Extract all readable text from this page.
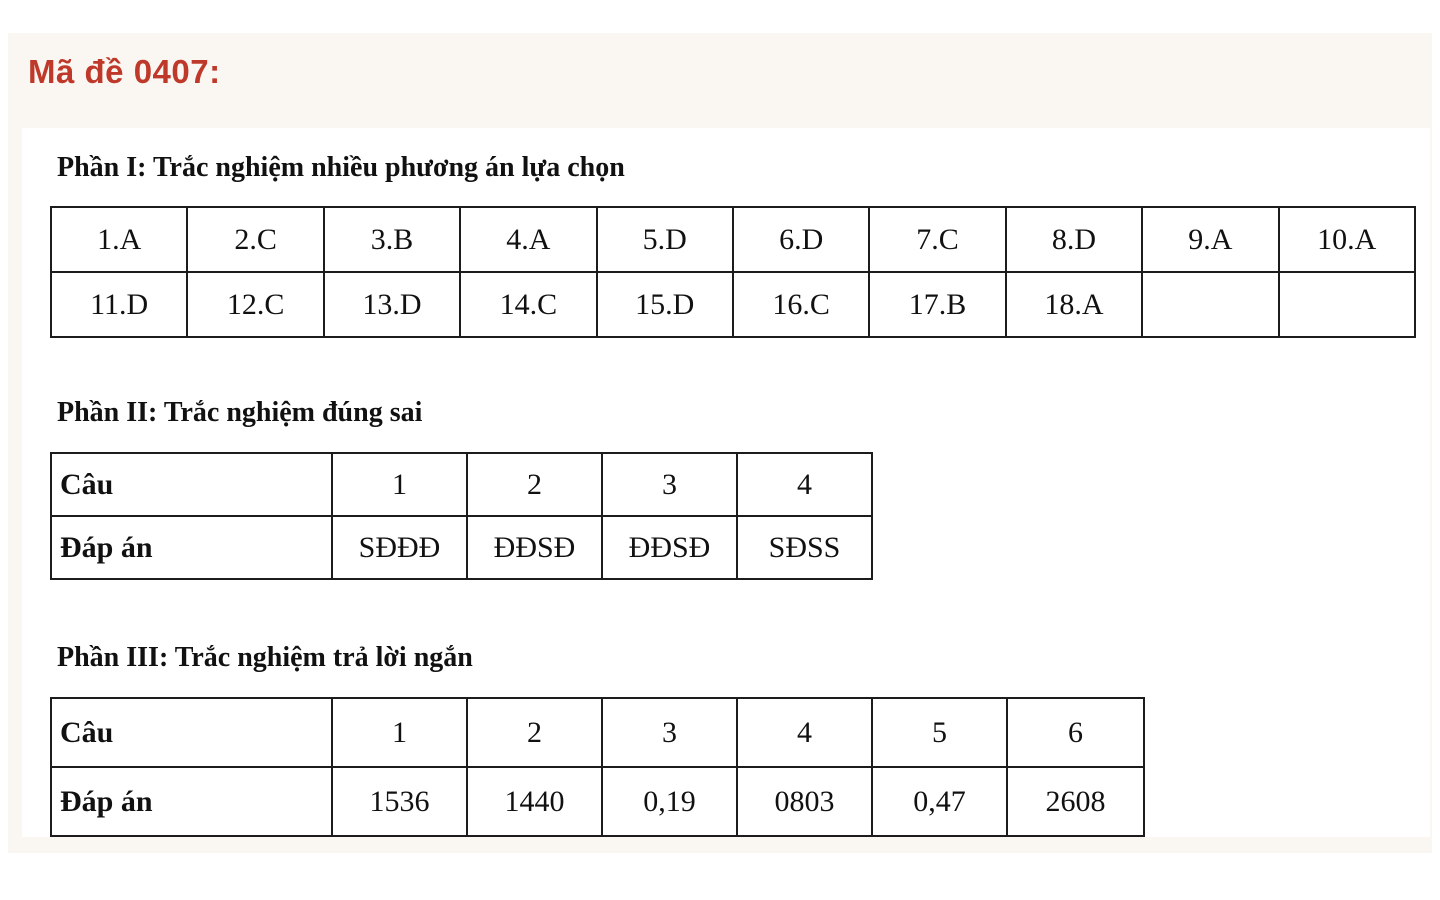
Mã đề 0407:
Phần I: Trắc nghiệm nhiều phương án lựa chọn
1.A	2.C	3.B	4.A	5.D	6.D	7.C	8.D	9.A	10.A
11.D	12.C	13.D	14.C	15.D	16.C	17.B	18.A		
Phần II: Trắc nghiệm đúng sai
Câu	1	2	3	4
Đáp án	SĐĐĐ	ĐĐSĐ	ĐĐSĐ	SĐSS
Phần III: Trắc nghiệm trả lời ngắn
Câu	1	2	3	4	5	6
Đáp án	1536	1440	0,19	0803	0,47	2608
